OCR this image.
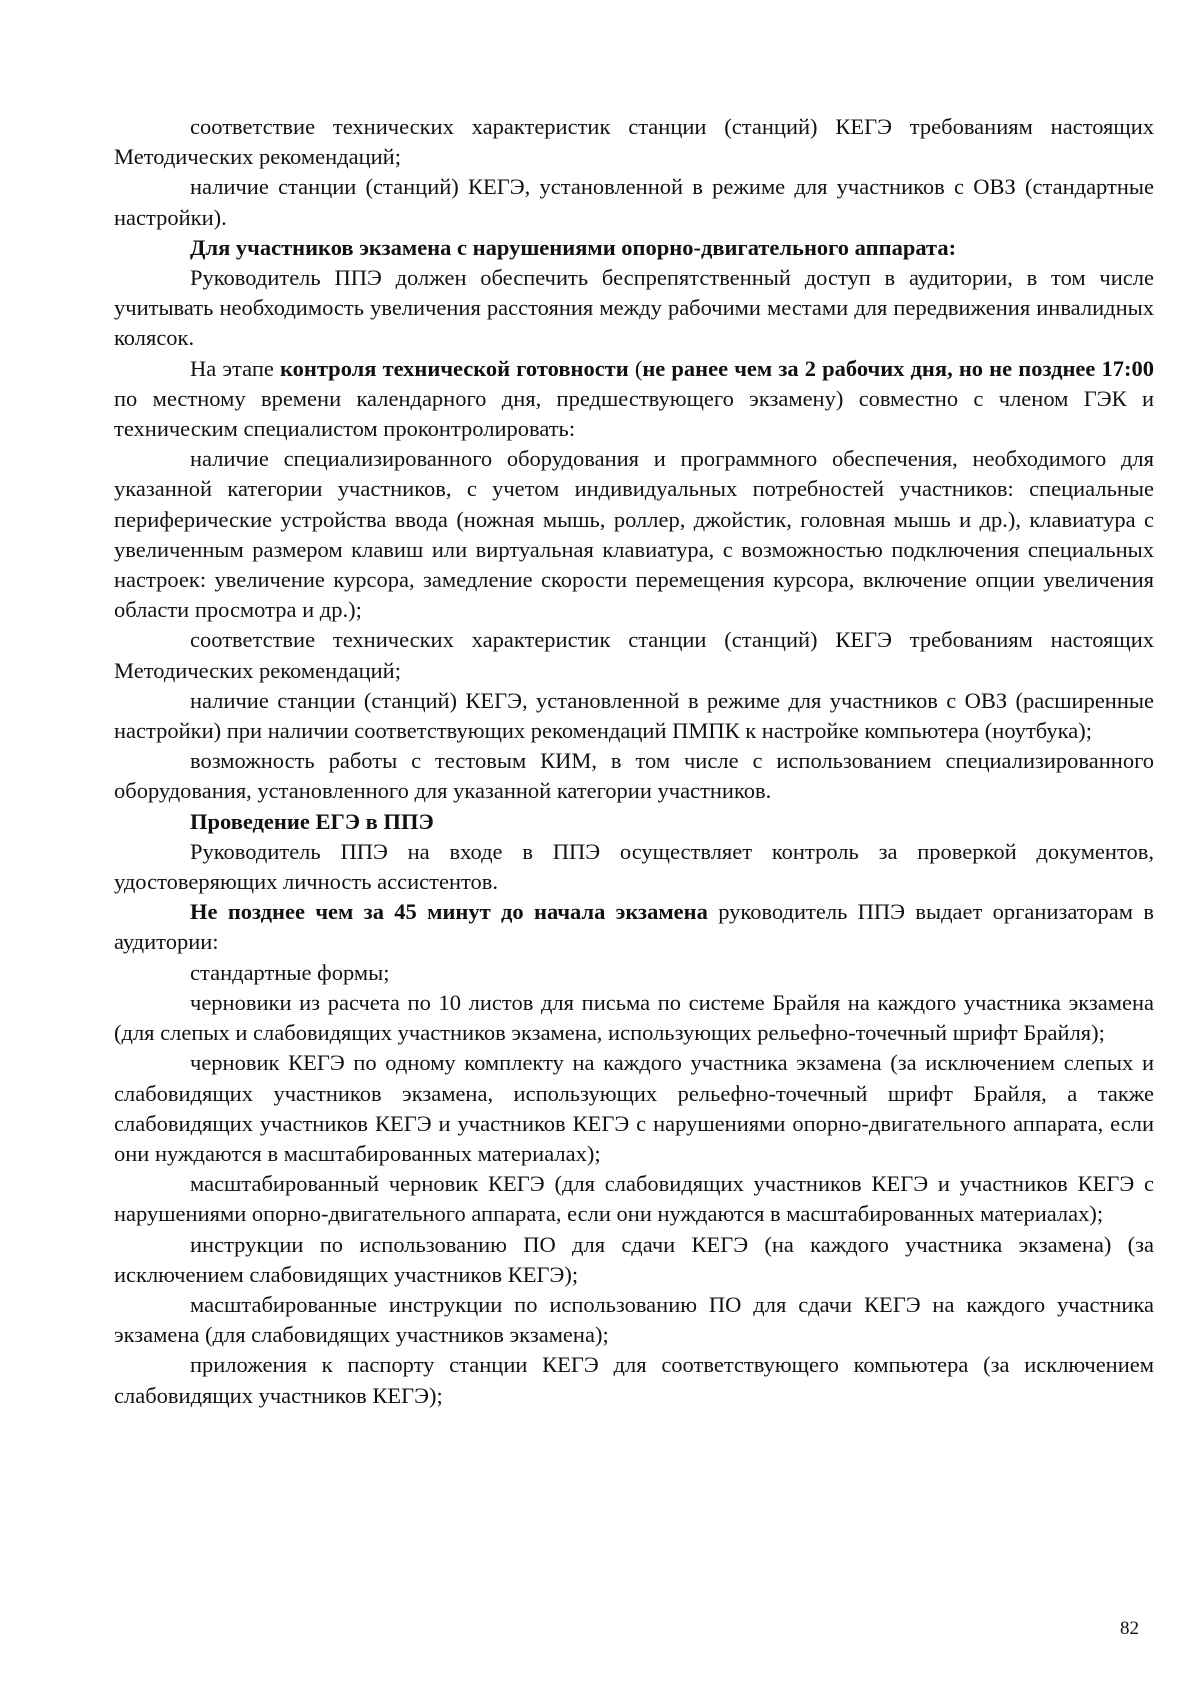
соответствие технических характеристик станции (станций) КЕГЭ требованиям настоящих Методических рекомендаций;

наличие станции (станций) КЕГЭ, установленной в режиме для участников с ОВЗ (стандартные настройки).

Для участников экзамена с нарушениями опорно-двигательного аппарата:

Руководитель ППЭ должен обеспечить беспрепятственный доступ в аудитории, в том числе учитывать необходимость увеличения расстояния между рабочими местами для передвижения инвалидных колясок.

На этапе контроля технической готовности (не ранее чем за 2 рабочих дня, но не позднее 17:00 по местному времени календарного дня, предшествующего экзамену) совместно с членом ГЭК и техническим специалистом проконтролировать:

наличие специализированного оборудования и программного обеспечения, необходимого для указанной категории участников, с учетом индивидуальных потребностей участников: специальные периферические устройства ввода (ножная мышь, роллер, джойстик, головная мышь и др.), клавиатура с увеличенным размером клавиш или виртуальная клавиатура, с возможностью подключения специальных настроек: увеличение курсора, замедление скорости перемещения курсора, включение опции увеличения области просмотра и др.);

соответствие технических характеристик станции (станций) КЕГЭ требованиям настоящих Методических рекомендаций;

наличие станции (станций) КЕГЭ, установленной в режиме для участников с ОВЗ (расширенные настройки) при наличии соответствующих рекомендаций ПМПК к настройке компьютера (ноутбука);

возможность работы с тестовым КИМ, в том числе с использованием специализированного оборудования, установленного для указанной категории участников.

Проведение ЕГЭ в ППЭ

Руководитель ППЭ на входе в ППЭ осуществляет контроль за проверкой документов, удостоверяющих личность ассистентов.

Не позднее чем за 45 минут до начала экзамена руководитель ППЭ выдает организаторам в аудитории:

стандартные формы;

черновики из расчета по 10 листов для письма по системе Брайля на каждого участника экзамена (для слепых и слабовидящих участников экзамена, использующих рельефно-точечный шрифт Брайля);

черновик КЕГЭ по одному комплекту на каждого участника экзамена (за исключением слепых и слабовидящих участников экзамена, использующих рельефно-точечный шрифт Брайля, а также слабовидящих участников КЕГЭ и участников КЕГЭ с нарушениями опорно-двигательного аппарата, если они нуждаются в масштабированных материалах);

масштабированный черновик КЕГЭ (для слабовидящих участников КЕГЭ и участников КЕГЭ с нарушениями опорно-двигательного аппарата, если они нуждаются в масштабированных материалах);

инструкции по использованию ПО для сдачи КЕГЭ (на каждого участника экзамена) (за исключением слабовидящих участников КЕГЭ);

масштабированные инструкции по использованию ПО для сдачи КЕГЭ на каждого участника экзамена (для слабовидящих участников экзамена);

приложения к паспорту станции КЕГЭ для соответствующего компьютера (за исключением слабовидящих участников КЕГЭ);

82
